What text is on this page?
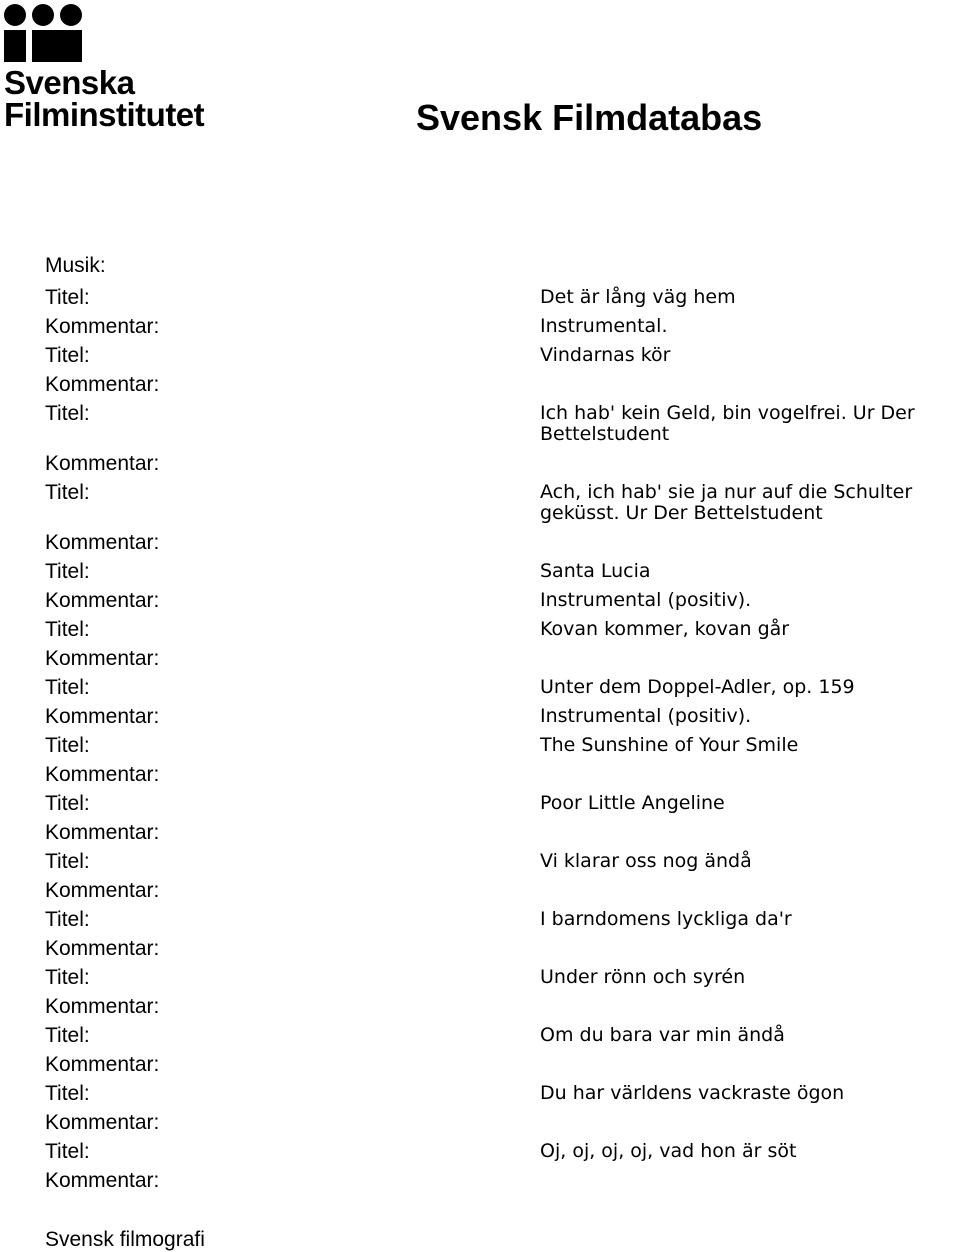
Svenska
Filminstitutet	Svensk Filmdatabas
Musik:
Titel:	Det är lång väg hem
Kommentar:	Instrumental.
Titel:	Vindarnas kör
Kommentar:
Titel:	Ich hab' kein Geld, bin vogelfrei. Ur Der Bettelstudent
Kommentar:
Titel:	Ach, ich hab' sie ja nur auf die Schulter geküsst. Ur Der Bettelstudent
Kommentar:
Titel:	Santa Lucia
Kommentar:	Instrumental (positiv).
Titel:	Kovan kommer, kovan går
Kommentar:
Titel:	Unter dem Doppel-Adler, op. 159
Kommentar:	Instrumental (positiv).
Titel:	The Sunshine of Your Smile
Kommentar:
Titel:	Poor Little Angeline
Kommentar:
Titel:	Vi klarar oss nog ändå
Kommentar:
Titel:	I barndomens lyckliga da'r
Kommentar:
Titel:	Under rönn och syrén
Kommentar:
Titel:	Om du bara var min ändå
Kommentar:
Titel:	Du har världens vackraste ögon
Kommentar:
Titel:	Oj, oj, oj, oj, vad hon är söt
Kommentar:
Svensk filmografi
